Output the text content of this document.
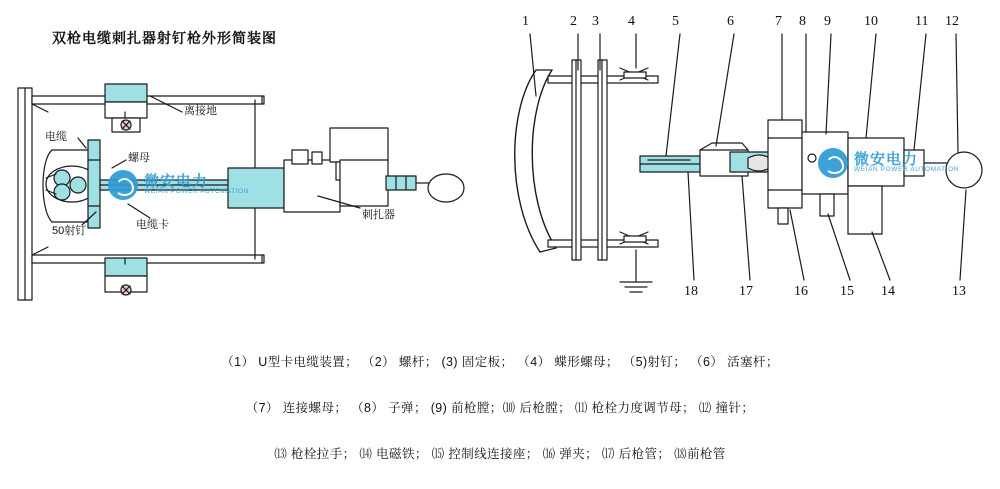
双枪电缆刺扎器射钉枪外形简装图
离接地
电缆
螺母
50射钉	电缆卡
刺扎器
1	2 3 4	5	6	7 8 9 10	11 12
18	17	16 15 14	13
微安电力
WEIAN POWER AUTOMATION
微安电力
WEIAN POWER AUTOMATION
（1） U型卡电缆装置； （2） 螺杆； (3) 固定板； （4） 蝶形螺母； （5)射钉； （6） 活塞杆；
（7） 连接螺母； （8） 子弹； (9) 前枪膛；⑽ 后枪膛； ⑾ 枪栓力度调节母； ⑿ 撞针；
⒀ 枪栓拉手； ⒁ 电磁铁； ⒂ 控制线连接座； ⒃ 弹夹； ⒄ 后枪管； ⒅前枪管
